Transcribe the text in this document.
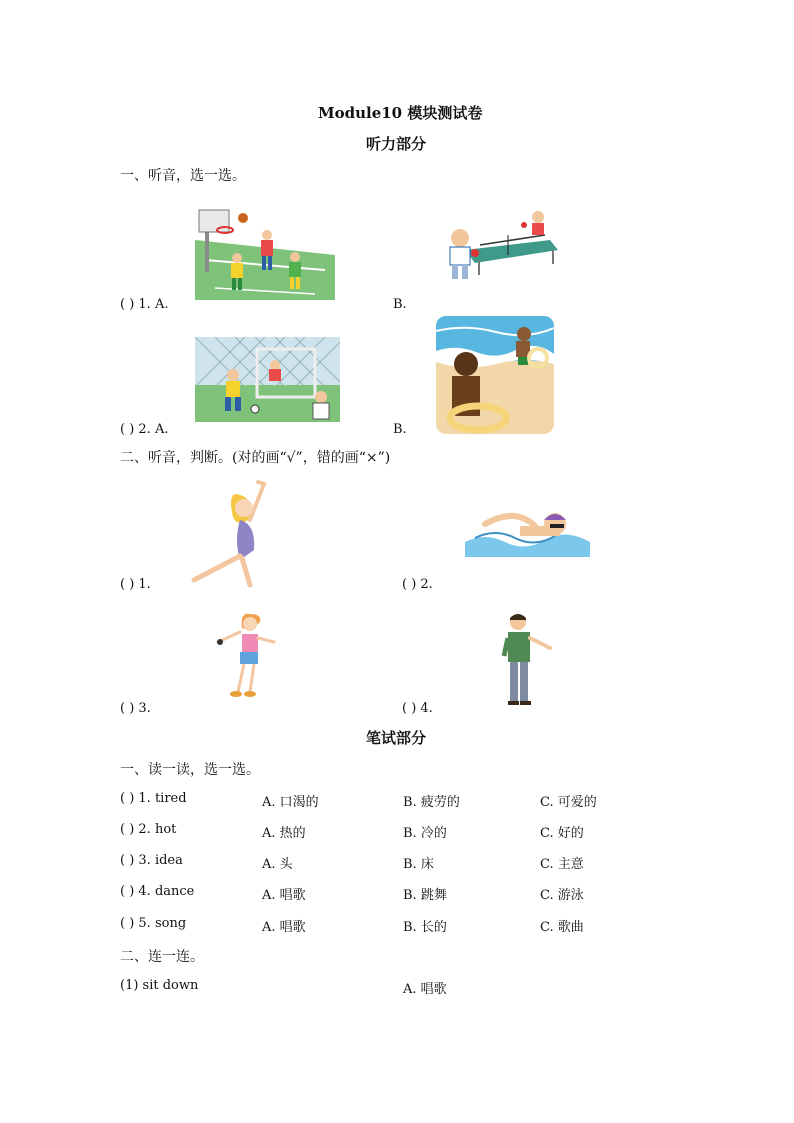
Module10 模块测试卷
听力部分
一、听音，选一选。
( ) 1. A.	B.
( ) 2. A.	B.
二、听音，判断。(对的画“√”，错的画“×”)
( ) 1.	( ) 2.
( ) 3.	( ) 4.
笔试部分
一、读一读，选一选。
( ) 1. tired	A. 口渴的	B. 疲劳的	C. 可爱的
( ) 2. hot	A. 热的	B. 冷的	C. 好的
( ) 3. idea	A. 头	B. 床	C. 主意
( ) 4. dance	A. 唱歌	B. 跳舞	C. 游泳
( ) 5. song	A. 唱歌	B. 长的	C. 歌曲
二、连一连。
(1) sit down	A. 唱歌
